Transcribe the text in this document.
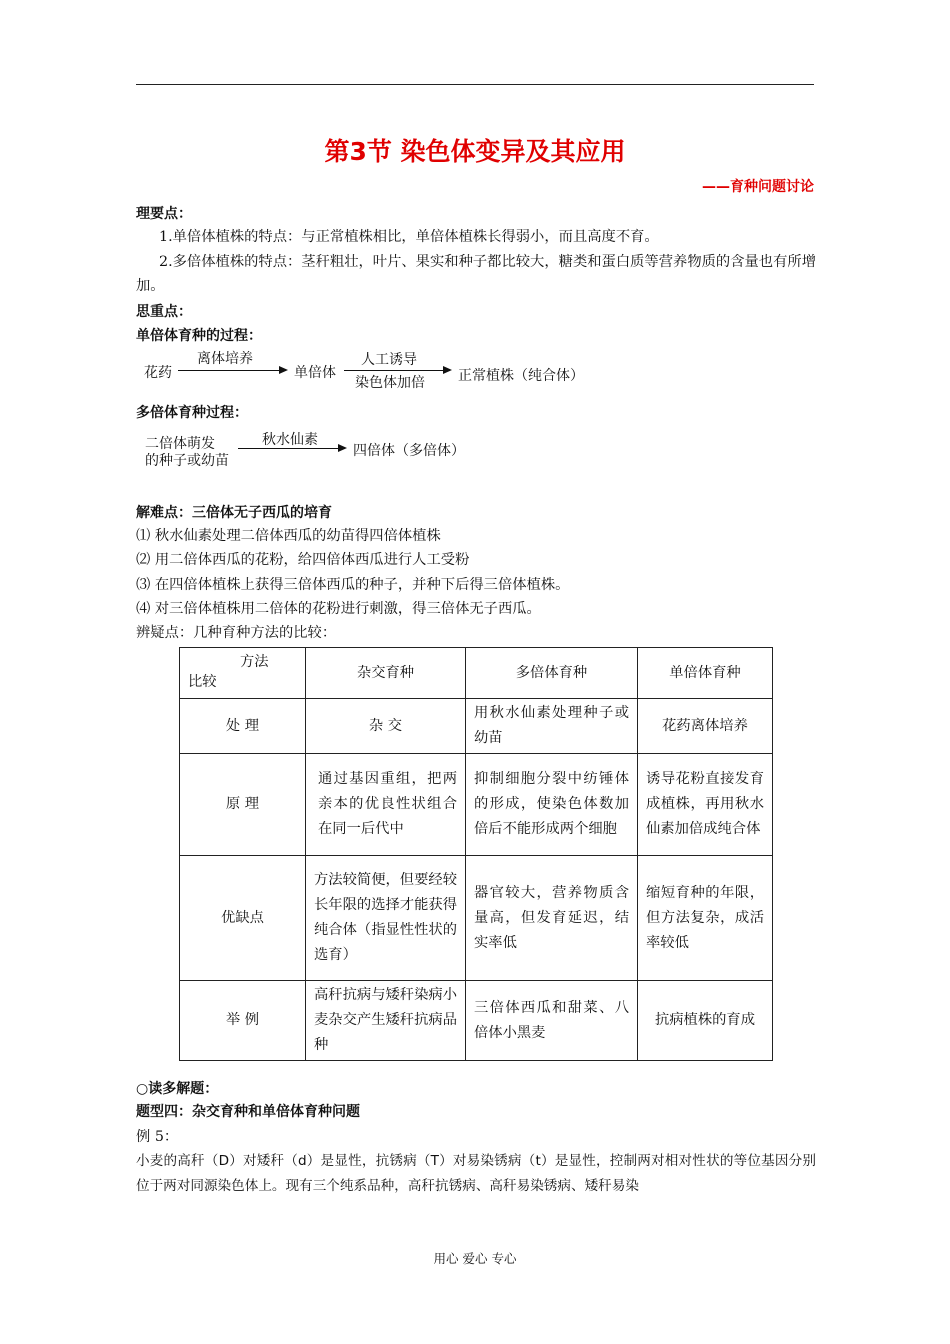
第3节 染色体变异及其应用
——育种问题讨论
理要点：
1.单倍体植株的特点：与正常植株相比，单倍体植株长得弱小，而且高度不育。
2.多倍体植株的特点：茎秆粗壮，叶片、果实和种子都比较大，糖类和蛋白质等营养物质的含量也有所增加。
思重点：
单倍体育种的过程：
花药
离体培养
单倍体
人工诱导
染色体加倍 正常植株（纯合体）
多倍体育种过程：
二倍体萌发
的种子或幼苗
秋水仙素
四倍体（多倍体）
解难点：三倍体无子西瓜的培育
⑴ 秋水仙素处理二倍体西瓜的幼苗得四倍体植株
⑵ 用二倍体西瓜的花粉，给四倍体西瓜进行人工受粉
⑶ 在四倍体植株上获得三倍体西瓜的种子，并种下后得三倍体植株。
⑷ 对三倍体植株用二倍体的花粉进行刺激，得三倍体无子西瓜。
辨疑点：几种育种方法的比较：
方法
比较	杂交育种	多倍体育种	单倍体育种
处 理	杂 交	用秋水仙素处理种子或幼苗	花药离体培养
原 理	通过基因重组，把两亲本的优良性状组合在同一后代中	抑制细胞分裂中纺锤体的形成，使染色体数加倍后不能形成两个细胞	诱导花粉直接发育成植株，再用秋水仙素加倍成纯合体
优缺点	方法较简便，但要经较长年限的选择才能获得纯合体（指显性性状的选育）	器官较大，营养物质含量高，但发育延迟，结实率低	缩短育种的年限， 但方法复杂，成活率较低
举 例	高秆抗病与矮秆染病小麦杂交产生矮秆抗病品种	三倍体西瓜和甜菜、八倍体小黑麦	抗病植株的育成
○读多解题：
题型四：杂交育种和单倍体育种问题
例 5：
小麦的高秆（D）对矮秆（d）是显性，抗锈病（T）对易染锈病（t）是显性，控制两对相对性状的等位基因分别位于两对同源染色体上。现有三个纯系品种，高秆抗锈病、高秆易染锈病、矮秆易染
用心 爱心 专心
